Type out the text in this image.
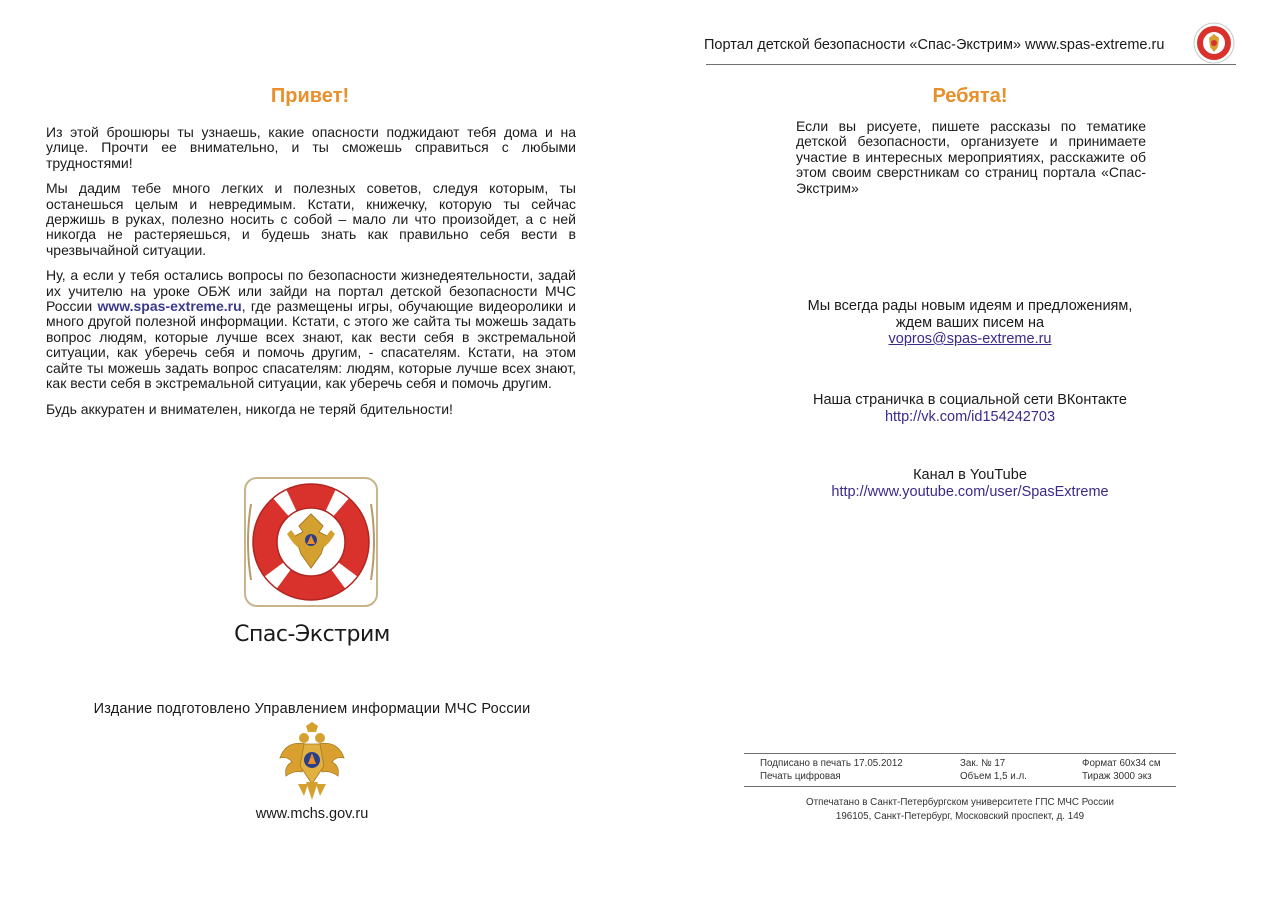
Портал детской безопасности «Спас-Экстрим» www.spas-extreme.ru
Привет!

Из этой брошюры ты узнаешь, какие опасности поджидают тебя дома и на улице. Прочти ее внимательно, и ты сможешь справиться с любыми трудностями!

Мы дадим тебе много легких и полезных советов, следуя которым, ты останешься целым и невредимым. Кстати, книжечку, которую ты сейчас держишь в руках, полезно носить с собой – мало ли что произойдет, а с ней никогда не растеряешься, и будешь знать как правильно себя вести в чрезвычайной ситуации.

Ну, а если у тебя остались вопросы по безопасности жизнедеятельности, задай их учителю на уроке ОБЖ или зайди на портал детской безопасности МЧС России www.spas-extreme.ru, где размещены игры, обучающие видеоролики и много другой полезной информации. Кстати, с этого же сайта ты можешь задать вопрос людям, которые лучше всех знают, как вести себя в экстремальной ситуации, как уберечь себя и помочь другим, - спасателям. Кстати, на этом сайте ты можешь задать вопрос спасателям: людям, которые лучше всех знают, как вести себя в экстремальной ситуации, как уберечь себя и помочь другим.

Будь аккуратен и внимателен, никогда не теряй бдительности!

Спас-Экстрим
Издание подготовлено Управлением информации МЧС России
www.mchs.gov.ru
Ребята!

Если вы рисуете, пишете рассказы по тематике детской безопасности, организуете и принимаете участие в интересных мероприятиях, расскажите об этом своим сверстникам со страниц портала «Спас-Экстрим»

Мы всегда рады новым идеям и предложениям,
ждем ваших писем на
vopros@spas-extreme.ru
Наша страничка в социальной сети ВКонтакте
http://vk.com/id154242703
Канал в YouTube
http://www.youtube.com/user/SpasExtreme
Подписано в печать 17.05.2012	Зак. № 17	Формат 60х34 см
Печать цифровая	Объем 1,5 и.л.	Тираж 3000 экз
Отпечатано в Санкт-Петербургском университете ГПС МЧС России
196105, Санкт-Петербург, Московский проспект, д. 149
